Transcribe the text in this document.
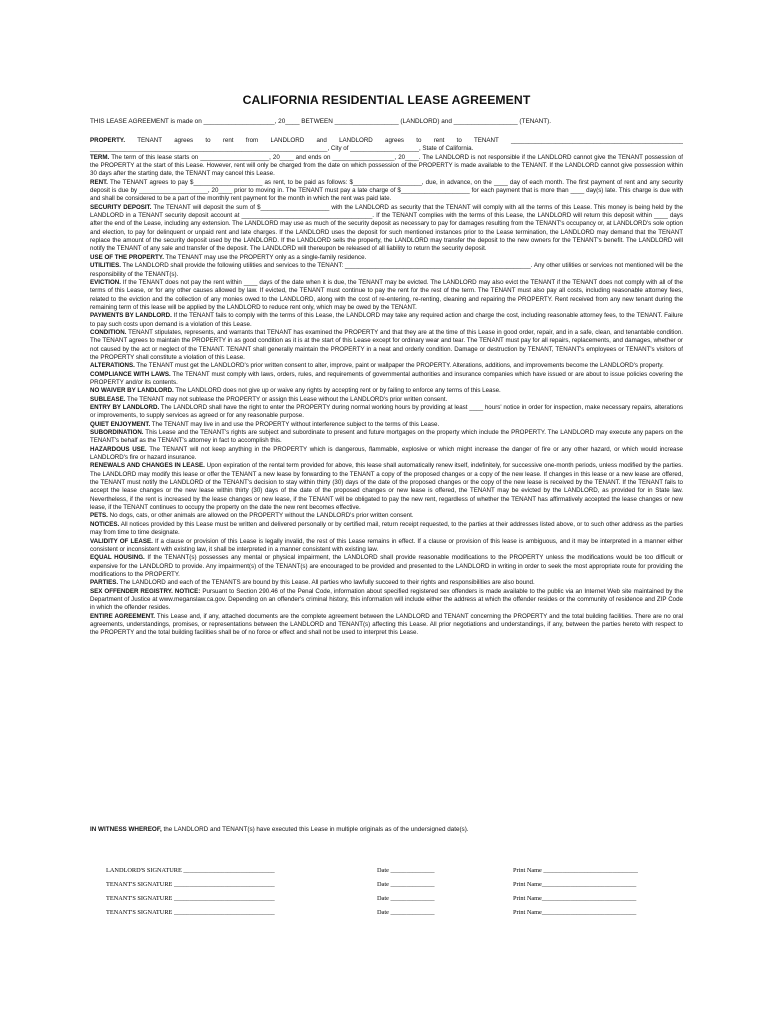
CALIFORNIA RESIDENTIAL LEASE AGREEMENT
THIS LEASE AGREEMENT is made on ____________________, 20____ BETWEEN __________________ (LANDLORD) and __________________ (TENANT).

PROPERTY. TENANT agrees to rent from LANDLORD and LANDLORD agrees to rent to TENANT __________________________________________________ _____________________________________________________________________, City of ____________________, State of California.

TERM. The term of this lease starts on ____________________, 20____ and ends on __________________, 20____. The LANDLORD is not responsible if the LANDLORD cannot give the TENANT possession of the PROPERTY at the start of this Lease. However, rent will only be charged from the date on which possession of the PROPERTY is made available to the TENANT. If the LANDLORD cannot give possession within 30 days after the starting date, the TENANT may cancel this Lease.

RENT. The TENANT agrees to pay $____________________ as rent, to be paid as follows: $____________________, due, in advance, on the ____ day of each month. The first payment of rent and any security deposit is due by ____________________, 20____ prior to moving in. The TENANT must pay a late charge of $____________________ for each payment that is more than ____ day(s) late. This charge is due with and shall be considered to be a part of the monthly rent payment for the month in which the rent was paid late.

SECURITY DEPOSIT. The TENANT will deposit the sum of $____________________ with the LANDLORD as security that the TENANT will comply with all the terms of this Lease. This money is being held by the LANDLORD in a TENANT security deposit account at ______________________________________. If the TENANT complies with the terms of this Lease, the LANDLORD will return this deposit within ____ days after the end of the Lease, including any extension. The LANDLORD may use as much of the security deposit as necessary to pay for damages resulting from the TENANT's occupancy or, at LANDLORD's sole option and election, to pay for delinquent or unpaid rent and late charges. If the LANDLORD uses the deposit for such mentioned instances prior to the Lease termination, the LANDLORD may demand that the TENANT replace the amount of the security deposit used by the LANDLORD. If the LANDLORD sells the property, the LANDLORD may transfer the deposit to the new owners for the TENANT's benefit. The LANDLORD will notify the TENANT of any sale and transfer of the deposit. The LANDLORD will thereupon be released of all liability to return the security deposit.

USE OF THE PROPERTY. The TENANT may use the PROPERTY only as a single-family residence.

UTILITIES. The LANDLORD shall provide the following utilities and services to the TENANT: ______________________________________________________. Any other utilities or services not mentioned will be the responsibility of the TENANT(s).

EVICTION. If the TENANT does not pay the rent within ____ days of the date when it is due, the TENANT may be evicted. The LANDLORD may also evict the TENANT if the TENANT does not comply with all of the terms of this Lease, or for any other causes allowed by law. If evicted, the TENANT must continue to pay the rent for the rest of the term. The TENANT must also pay all costs, including reasonable attorney fees, related to the eviction and the collection of any monies owed to the LANDLORD, along with the cost of re-entering, re-renting, cleaning and repairing the PROPERTY. Rent received from any new tenant during the remaining term of this lease will be applied by the LANDLORD to reduce rent only, which may be owed by the TENANT.

PAYMENTS BY LANDLORD. If the TENANT fails to comply with the terms of this Lease, the LANDLORD may take any required action and charge the cost, including reasonable attorney fees, to the TENANT. Failure to pay such costs upon demand is a violation of this Lease.

CONDITION. TENANT stipulates, represents, and warrants that TENANT has examined the PROPERTY and that they are at the time of this Lease in good order, repair, and in a safe, clean, and tenantable condition. The TENANT agrees to maintain the PROPERTY in as good condition as it is at the start of this Lease except for ordinary wear and tear. The TENANT must pay for all repairs, replacements, and damages, whether or not caused by the act or neglect of the TENANT. TENANT shall generally maintain the PROPERTY in a neat and orderly condition. Damage or destruction by TENANT, TENANT's employees or TENANT's visitors of the PROPERTY shall constitute a violation of this Lease.

ALTERATIONS. The TENANT must get the LANDLORD's prior written consent to alter, improve, paint or wallpaper the PROPERTY. Alterations, additions, and improvements become the LANDLORD's property.

COMPLIANCE WITH LAWS. The TENANT must comply with laws, orders, rules, and requirements of governmental authorities and insurance companies which have issued or are about to issue policies covering the PROPERTY and/or its contents.

NO WAIVER BY LANDLORD. The LANDLORD does not give up or waive any rights by accepting rent or by failing to enforce any terms of this Lease.

SUBLEASE. The TENANT may not sublease the PROPERTY or assign this Lease without the LANDLORD's prior written consent.

ENTRY BY LANDLORD. The LANDLORD shall have the right to enter the PROPERTY during normal working hours by providing at least ____ hours' notice in order for inspection, make necessary repairs, alterations or improvements, to supply services as agreed or for any reasonable purpose.

QUIET ENJOYMENT. The TENANT may live in and use the PROPERTY without interference subject to the terms of this Lease.

SUBORDINATION. This Lease and the TENANT's rights are subject and subordinate to present and future mortgages on the property which include the PROPERTY. The LANDLORD may execute any papers on the TENANT's behalf as the TENANT's attorney in fact to accomplish this.

HAZARDOUS USE. The TENANT will not keep anything in the PROPERTY which is dangerous, flammable, explosive or which might increase the danger of fire or any other hazard, or which would increase LANDLORD's fire or hazard insurance.

RENEWALS AND CHANGES IN LEASE. Upon expiration of the rental term provided for above, this lease shall automatically renew itself, indefinitely, for successive one-month periods, unless modified by the parties. The LANDLORD may modify this lease or offer the TENANT a new lease by forwarding to the TENANT a copy of the proposed changes or a copy of the new lease. If changes in this lease or a new lease are offered, the TENANT must notify the LANDLORD of the TENANT's decision to stay within thirty (30) days of the date of the proposed changes or the copy of the new lease is received by the TENANT. If the TENANT fails to accept the lease changes or the new lease within thirty (30) days of the date of the proposed changes or new lease is offered, the TENANT may be evicted by the LANDLORD, as provided for in State law. Nevertheless, if the rent is increased by the lease changes or new lease, if the TENANT will be obligated to pay the new rent, regardless of whether the TENANT has affirmatively accepted the lease changes or new lease, if the TENANT continues to occupy the property on the date the new rent becomes effective.

PETS. No dogs, cats, or other animals are allowed on the PROPERTY without the LANDLORD's prior written consent.

NOTICES. All notices provided by this Lease must be written and delivered personally or by certified mail, return receipt requested, to the parties at their addresses listed above, or to such other address as the parties may from time to time designate.

VALIDITY OF LEASE. If a clause or provision of this Lease is legally invalid, the rest of this Lease remains in effect. If a clause or provision of this lease is ambiguous, and it may be interpreted in a manner either consistent or inconsistent with existing law, it shall be interpreted in a manner consistent with existing law.

EQUAL HOUSING. If the TENANT(s) possesses any mental or physical impairment, the LANDLORD shall provide reasonable modifications to the PROPERTY unless the modifications would be too difficult or expensive for the LANDLORD to provide. Any impairment(s) of the TENANT(s) are encouraged to be provided and presented to the LANDLORD in writing in order to seek the most appropriate route for providing the modifications to the PROPERTY.

PARTIES. The LANDLORD and each of the TENANTS are bound by this Lease. All parties who lawfully succeed to their rights and responsibilities are also bound.

SEX OFFENDER REGISTRY. NOTICE: Pursuant to Section 290.46 of the Penal Code, information about specified registered sex offenders is made available to the public via an Internet Web site maintained by the Department of Justice at www.meganslaw.ca.gov. Depending on an offender's criminal history, this information will include either the address at which the offender resides or the community of residence and ZIP Code in which the offender resides.

ENTIRE AGREEMENT. This Lease and, if any, attached documents are the complete agreement between the LANDLORD and TENANT concerning the PROPERTY and the total building facilities. There are no oral agreements, understandings, promises, or representations between the LANDLORD and TENANT(s) affecting this Lease. All prior negotiations and understandings, if any, between the parties hereto with respect to the PROPERTY and the total building facilities shall be of no force or effect and shall not be used to interpret this Lease.

IN WITNESS WHEREOF, the LANDLORD and TENANT(s) have executed this Lease in multiple originals as of the undersigned date(s).
LANDLORD'S SIGNATURE _____________________________	Date ______________	Print Name ______________________________
TENANT'S SIGNATURE ________________________________	Date ______________	Print Name______________________________
TENANT'S SIGNATURE ________________________________	Date ______________	Print Name______________________________
TENANT'S SIGNATURE ________________________________	Date ______________	Print Name______________________________
